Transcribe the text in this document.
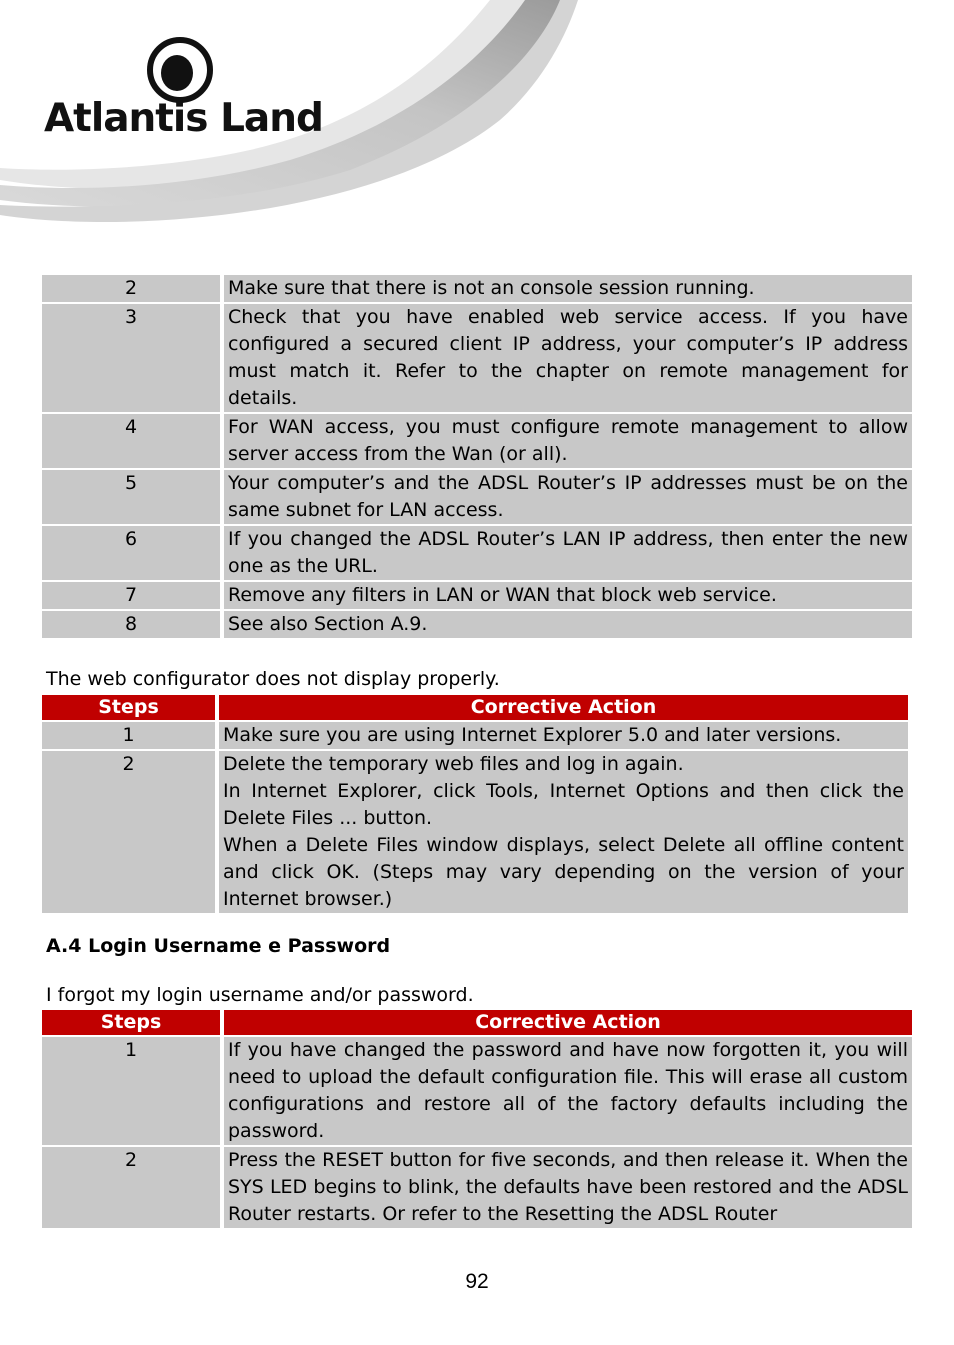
Atlantis Land
2		Make sure that there is not an console session running.

3		Check that you have enabled web service access. If you have configured a secured client IP address, your computer’s IP address must match it. Refer to the chapter on remote management for details.

4		For WAN access, you must configure remote management to allow server access from the Wan (or all).

5		Your computer’s and the ADSL Router’s IP addresses must be on the same subnet for LAN access.

6		If you changed the ADSL Router’s LAN IP address, then enter the new one as the URL.

7		Remove any filters in LAN or WAN that block web service.

8		See also Section A.9.
The web configurator does not display properly.
Steps		Corrective Action
1		Make sure you are using Internet Explorer 5.0 and later versions.

2		Delete the temporary web files and log in again.
In Internet Explorer, click Tools, Internet Options and then click the Delete Files ... button.
When a Delete Files window displays, select Delete all offline content and click OK. (Steps may vary depending on the version of your Internet browser.)
A.4 Login Username e Password
I forgot my login username and/or password.
Steps		Corrective Action
1		If you have changed the password and have now forgotten it, you will need to upload the default configuration file. This will erase all custom configurations and restore all of the factory defaults including the password.

2		Press the RESET button for five seconds, and then release it. When the SYS LED begins to blink, the defaults have been restored and the ADSL Router restarts. Or refer to the Resetting the ADSL Router
92
